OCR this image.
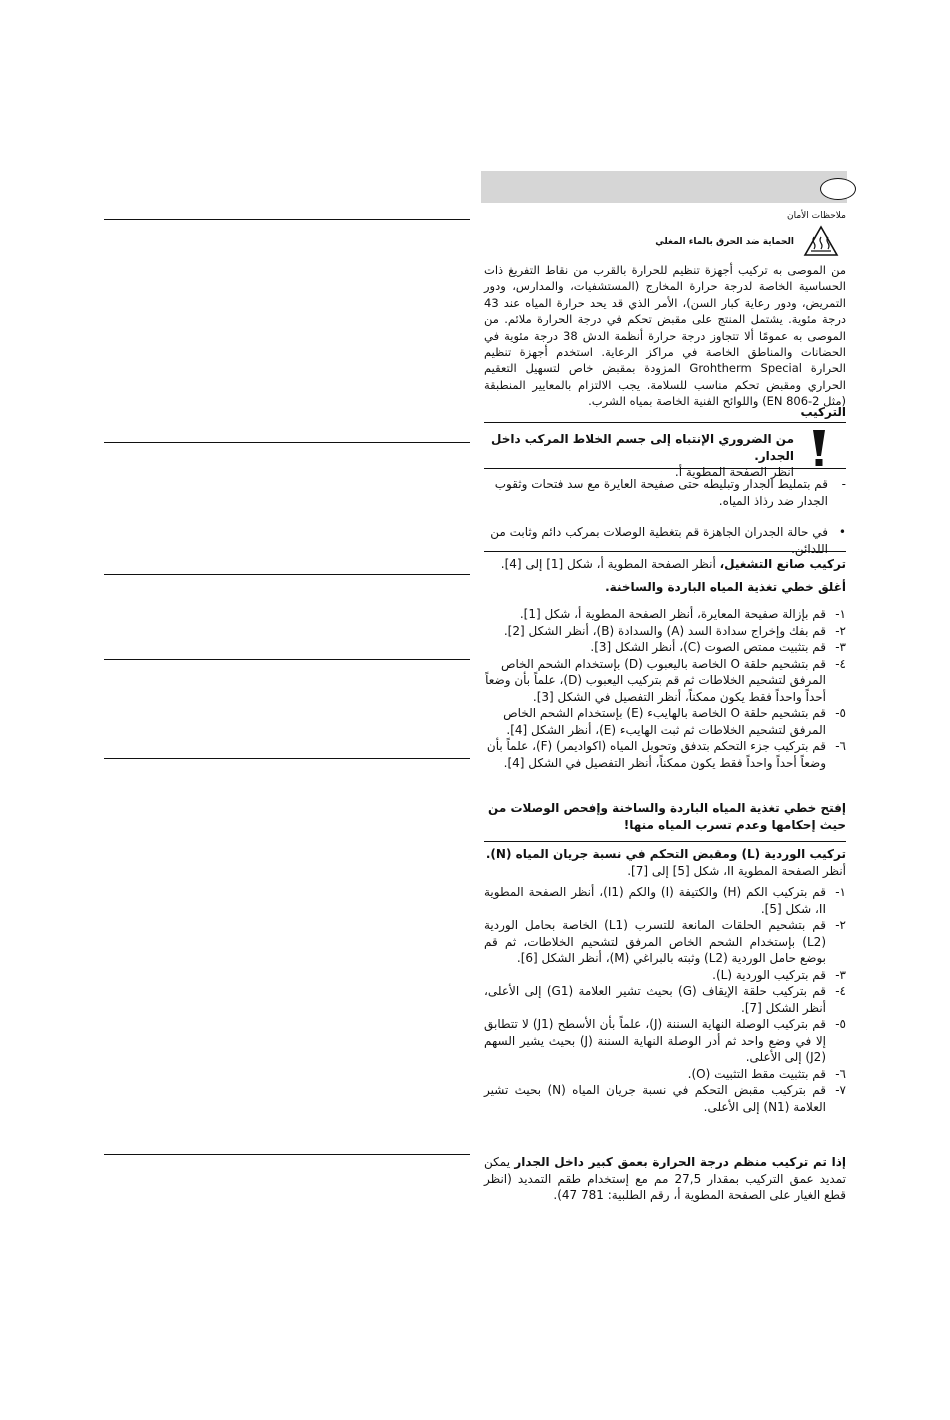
ملاحظات الأمان
الحماية ضد الحرق بالماء المغلي
من الموصى به تركيب أجهزة تنظيم للحرارة بالقرب من نقاط التفريغ ذات الحساسية الخاصة لدرجة حرارة المخارج (المستشفيات، والمدارس، ودور التمريض، ودور رعاية كبار السن)، الأمر الذي قد يحد حرارة المياه عند 43 درجة مئوية. يشتمل المنتج على مقبض تحكم في درجة الحرارة ملائم. من الموصى به عمومًا ألا تتجاوز درجة حرارة أنظمة الدش 38 درجة مئوية في الحضانات والمناطق الخاصة في مراكز الرعاية. استخدم أجهزة تنظيم الحرارة Grohtherm Special المزودة بمقبض خاص لتسهيل التعقيم الحراري ومقبض تحكم مناسب للسلامة. يجب الالتزام بالمعايير المنطبقة (مثل EN 806-2) واللوائح الفنية الخاصة بمياه الشرب.
التركيب

من الضروري الإنتباه إلى جسم الخلاط المركب داخل الجدار.

انظر الصفحة المطوية أ.

-
قم بتمليط الجدار وتبليطه حتى صفيحة العايرة مع سد فتحات وثقوب الجدار ضد رذاذ المياه.
•
في حالة الجدران الجاهزة قم بتغطية الوصلات بمركب دائم وثابت من اللدائن.
تركيب صانع التشغيل، أنظر الصفحة المطوية أ، شكل [1] إلى [4].
أغلق خطي تغذية المياه الباردة والساخنة.
١-
قم بإزالة صفيحة المعايرة، أنظر الصفحة المطوية أ، شكل [1].
٢-
قم بفك وإخراج سدادة السد (A) والسدادة (B)، أنظر الشكل [2].
٣-
قم بتثبيت ممتص الصوت (C)، أنظر الشكل [3].
٤-
قم بتشحيم حلقة O الخاصة باليعبوب (D) بإستخدام الشحم الخاص المرفق لتشحيم الخلاطات ثم قم بتركيب اليعبوب (D)، علماً بأن وضعاً أحداً واحداً فقط يكون ممكناً، أنظر التفصيل في الشكل [3].
٥-
قم بتشحيم حلقة O الخاصة بالهايبء (E) بإستخدام الشحم الخاص المرفق لتشحيم الخلاطات ثم ثبت الهايبء (E)، أنظر الشكل [4].
٦-
قم بتركيب جزء التحكم بتدفق وتحويل المياه (اكواديمر) (F)، علماً بأن وضعاً أحداً واحداً فقط يكون ممكناً، أنظر التفصيل في الشكل [4].
إفتح خطي تغذية المياه الباردة والساخنة وإفحص الوصلات من حيث إحكامها وعدم تسرب المياه منها!

تركيب الوردية (L) ومقبض التحكم في نسبة جريان المياه (N).

أنظر الصفحة المطوية II، شكل [5] إلى [7].

١-
قم بتركيب الكم (H) والكتيفة (I) والكم (I1)، أنظر الصفحة المطوية II، شكل [5].
٢-
قم بتشحيم الحلقات المانعة للتسرب (L1) الخاصة بحامل الوردية (L2) بإستخدام الشحم الخاص المرفق لتشحيم الخلاطات، ثم قم بوضع حامل الوردية (L2) وثبته بالبراغي (M)، أنظر الشكل [6].
٣-
قم بتركيب الوردية (L).
٤-
قم بتركيب حلقة الإيقاف (G) بحيث تشير العلامة (G1) إلى الأعلى، أنظر الشكل [7].
٥-
قم بتركيب الوصلة النهاية السننة (J)، علماً بأن الأسطح (J1) لا تتطابق إلا في وضع واحد ثم أدر الوصلة النهاية السننة (J) بحيث يشير السهم (J2) إلى الأعلى.
٦-
قم بتثبيت مقط التثبيت (O).
٧-
قم بتركيب مقبض التحكم في نسبة جريان المياه (N) بحيث تشير العلامة (N1) إلى الأعلى.
إذا تم تركيب منظم درجة الحرارة بعمق كبير داخل الجدار يمكن تمديد عمق التركيب بمقدار 27,5 مم مع إستخدام طقم التمديد (انظر قطع الغيار على الصفحة المطوية أ، رقم الطلبية: 781 47).
